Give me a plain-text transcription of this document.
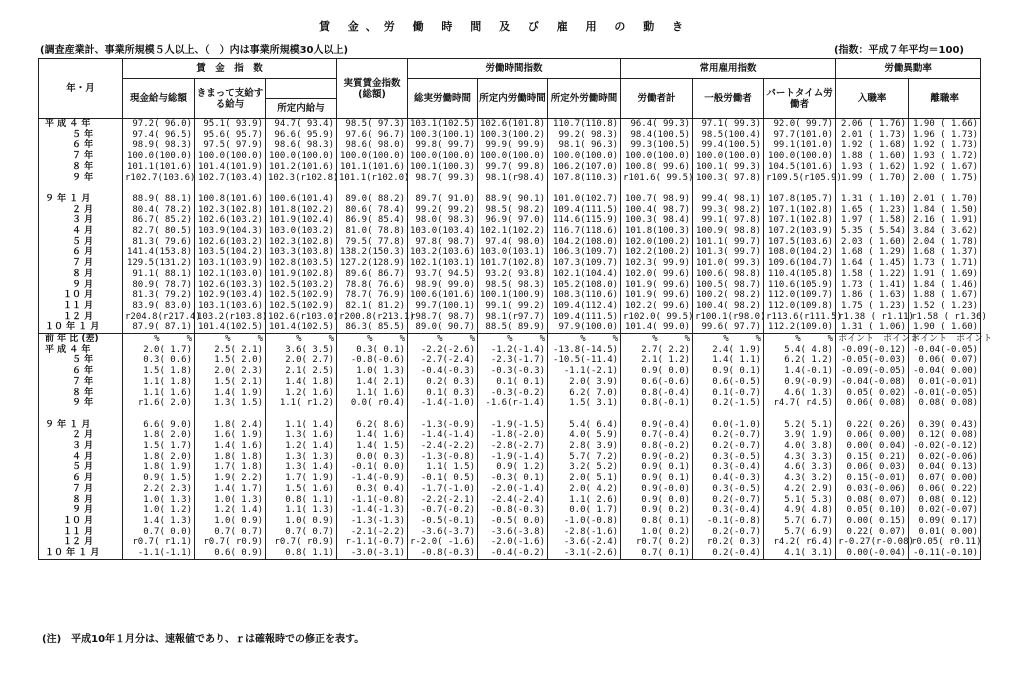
賃 金、労 働 時 間 及 び 雇 用 の 動 き
(調査産業計、事業所規模５人以上、（　）内は事業所規模30人以上)	(指数：平成７年平均＝100)
年・月	賃　金　指　数			実質賃金指数(総額)	労働時間指数			常用雇用指数			労働異動率	
	現金給与総額	きまって支給する給与			総実労働時間	所定内労働時間	所定外労働時間	労働者計	一般労働者	パートタイム労働者	入職率	離職率
			所定内給与									
平 成 ４ 年	97.2( 96.0)	95.1( 93.9)	94.7( 93.4)	98.5( 97.3)	103.1(102.5)	102.6(101.8)	110.7(110.8)	96.4( 99.3)	97.1( 99.3)	92.0( 99.7)	2.06 ( 1.76)	1.90 ( 1.66)
　　　５ 年	97.4( 96.5)	95.6( 95.7)	96.6( 95.9)	97.6( 96.7)	100.3(100.1)	100.3(100.2)	99.2( 98.3)	98.4(100.5)	98.5(100.4)	97.7(101.0)	2.01 ( 1.73)	1.96 ( 1.73)
　　　６ 年	98.9( 98.3)	97.5( 97.9)	98.6( 98.3)	98.6( 98.0)	99.8( 99.7)	99.9( 99.9)	98.1( 96.3)	99.3(100.5)	99.4(100.5)	99.1(101.0)	1.92 ( 1.68)	1.92 ( 1.73)
　　　７ 年	100.0(100.0)	100.0(100.0)	100.0(100.0)	100.0(100.0)	100.0(100.0)	100.0(100.0)	100.0(100.0)	100.0(100.0)	100.0(100.0)	100.0(100.0)	1.88 ( 1.60)	1.93 ( 1.72)
　　　８ 年	101.1(101.6)	101.4(101.9)	101.2(101.6)	101.1(101.6)	100.1(100.3)	99.7( 99.8)	106.2(107.0)	100.8( 99.6)	100.1( 99.3)	104.5(101.6)	1.93 ( 1.62)	1.92 ( 1.67)
　　　９ 年	r102.7(103.6)	102.7(103.4)	102.3(r102.8)	101.1(r102.0)	98.7( 99.3)	98.1(r98.4)	107.8(110.3)	r101.6( 99.5)	100.3( 97.8)	r109.5(r105.9)	1.99 ( 1.70)	2.00 ( 1.75)

９ 年 １ 月	88.9( 88.1)	100.8(101.6)	100.6(101.4)	89.0( 88.2)	89.7( 91.0)	88.9( 90.1)	101.0(102.7)	100.7( 98.9)	99.4( 98.1)	107.8(105.7)	1.31 ( 1.10)	2.01 ( 1.70)
　　　２ 月	80.4( 78.2)	102.3(102.8)	101.8(102.2)	80.6( 78.4)	99.2( 99.2)	98.5( 98.2)	109.4(111.5)	100.4( 98.7)	99.3( 98.2)	107.1(102.8)	1.65 ( 1.23)	1.84 ( 1.50)
　　　３ 月	86.7( 85.2)	102.6(103.2)	101.9(102.4)	86.9( 85.4)	98.0( 98.3)	96.9( 97.0)	114.6(115.9)	100.3( 98.4)	99.1( 97.8)	107.1(102.8)	1.97 ( 1.58)	2.16 ( 1.91)
　　　４ 月	82.7( 80.5)	103.9(104.3)	103.0(103.2)	81.0( 78.8)	103.0(103.4)	102.1(102.2)	116.7(118.6)	101.8(100.3)	100.9( 98.8)	107.2(103.9)	5.35 ( 5.54)	3.84 ( 3.62)
　　　５ 月	81.3( 79.6)	102.6(103.2)	102.3(102.8)	79.5( 77.8)	97.8( 98.7)	97.4( 98.0)	104.2(108.0)	102.0(100.2)	101.1( 99.7)	107.5(103.6)	2.03 ( 1.60)	2.04 ( 1.78)
　　　６ 月	141.4(153.8)	103.5(104.2)	103.3(103.8)	138.2(150.3)	103.2(103.6)	103.0(103.1)	106.3(109.7)	102.2(100.2)	101.3( 99.7)	108.0(104.2)	1.68 ( 1.29)	1.68 ( 1.37)
　　　７ 月	129.5(131.2)	103.1(103.9)	102.8(103.5)	127.2(128.9)	102.1(103.1)	101.7(102.8)	107.3(109.7)	102.3( 99.9)	101.0( 99.3)	109.6(104.7)	1.64 ( 1.45)	1.73 ( 1.71)
　　　８ 月	91.1( 88.1)	102.1(103.0)	101.9(102.8)	89.6( 86.7)	93.7( 94.5)	93.2( 93.8)	102.1(104.4)	102.0( 99.6)	100.6( 98.8)	110.4(105.8)	1.58 ( 1.22)	1.91 ( 1.69)
　　　９ 月	80.9( 78.7)	102.6(103.3)	102.5(103.2)	78.8( 76.6)	98.9( 99.0)	98.5( 98.3)	105.2(108.0)	101.9( 99.6)	100.5( 98.7)	110.6(105.9)	1.73 ( 1.41)	1.84 ( 1.46)
　　１０ 月	81.3( 79.2)	102.9(103.4)	102.5(102.9)	78.7( 76.9)	100.6(101.6)	100.1(100.9)	108.3(110.6)	101.9( 99.6)	100.2( 98.2)	112.0(109.7)	1.86 ( 1.63)	1.88 ( 1.67)
　　１１ 月	83.9( 83.0)	103.1(103.6)	102.5(102.9)	82.1( 81.2)	99.7(100.1)	99.1( 99.2)	109.4(112.4)	102.2( 99.6)	100.4( 98.2)	112.0(109.8)	1.75 ( 1.23)	1.52 ( 1.23)
　　１２ 月	r204.8(r217.4)	103.2(r103.8)	102.6(r103.0)	r200.8(r213.1)	r98.7( 98.7)	98.1(r97.7)	109.4(111.5)	r102.0( 99.5)	r100.1(r98.0)	r113.6(r111.5)	r1.38 ( r1.11)	r1.58 ( r1.36)
１０ 年 １ 月	87.9( 87.1)	101.4(102.5)	101.4(102.5)	86.3( 85.5)	89.0( 90.7)	88.5( 89.9)	97.9(100.0)	101.4( 99.0)	99.6( 97.7)	112.2(109.0)	1.31 ( 1.06)	1.90 ( 1.60)
前 年 比 (差)	%　　　%	%　　　%	%　　　%	%　　　%	%　　　%	%　　　%	%　　　%	%　　　%	%　　　%	%　　　%	ポイント　ポイント	ポイント　ポイント
平 成 ４ 年	2.0( 1.7)	2.5( 2.1)	3.6( 3.5)	0.3( 0.1)	-2.2(-2.6)	-1.2(-1.4)	-13.8(-14.5)	2.7( 2.2)	2.4( 1.9)	5.4( 4.8)	-0.09(-0.12)	-0.04(-0.05)
　　　５ 年	0.3( 0.6)	1.5( 2.0)	2.0( 2.7)	-0.8(-0.6)	-2.7(-2.4)	-2.3(-1.7)	-10.5(-11.4)	2.1( 1.2)	1.4( 1.1)	6.2( 1.2)	-0.05(-0.03)	0.06( 0.07)
　　　６ 年	1.5( 1.8)	2.0( 2.3)	2.1( 2.5)	1.0( 1.3)	-0.4(-0.3)	-0.3(-0.3)	-1.1(-2.1)	0.9( 0.0)	0.9( 0.1)	1.4(-0.1)	-0.09(-0.05)	-0.04( 0.00)
　　　７ 年	1.1( 1.8)	1.5( 2.1)	1.4( 1.8)	1.4( 2.1)	0.2( 0.3)	0.1( 0.1)	2.0( 3.9)	0.6(-0.6)	0.6(-0.5)	0.9(-0.9)	-0.04(-0.08)	0.01(-0.01)
　　　８ 年	1.1( 1.6)	1.4( 1.9)	1.2( 1.6)	1.1( 1.6)	0.1( 0.3)	-0.3(-0.2)	6.2( 7.0)	0.8(-0.4)	0.1(-0.7)	4.6( 1.3)	0.05( 0.02)	-0.01(-0.05)
　　　９ 年	r1.6( 2.0)	1.3( 1.5)	1.1( r1.2)	0.0( r0.4)	-1.4(-1.0)	-1.6(r-1.4)	1.5( 3.1)	0.8(-0.1)	0.2(-1.5)	r4.7( r4.5)	0.06( 0.08)	0.08( 0.08)

９ 年 １ 月	6.6( 9.0)	1.8( 2.4)	1.1( 1.4)	6.2( 8.6)	-1.3(-0.9)	-1.9(-1.5)	5.4( 6.4)	0.9(-0.4)	0.0(-1.0)	5.2( 5.1)	0.22( 0.26)	0.39( 0.43)
　　　２ 月	1.8( 2.0)	1.6( 1.9)	1.3( 1.6)	1.4( 1.6)	-1.4(-1.4)	-1.8(-2.0)	4.0( 5.9)	0.7(-0.4)	0.2(-0.7)	3.9( 1.9)	0.06( 0.00)	0.12( 0.08)
　　　３ 月	1.5( 1.7)	1.4( 1.6)	1.2( 1.4)	1.4( 1.5)	-2.4(-2.2)	-2.8(-2.7)	2.8( 3.9)	0.8(-0.2)	0.2(-0.7)	4.0( 3.8)	0.00( 0.04)	-0.02(-0.12)
　　　４ 月	1.8( 2.0)	1.8( 1.8)	1.3( 1.3)	0.0( 0.3)	-1.3(-0.8)	-1.9(-1.4)	5.7( 7.2)	0.9(-0.2)	0.3(-0.5)	4.3( 3.3)	0.15( 0.21)	0.02(-0.06)
　　　５ 月	1.8( 1.9)	1.7( 1.8)	1.3( 1.4)	-0.1( 0.0)	1.1( 1.5)	0.9( 1.2)	3.2( 5.2)	0.9( 0.1)	0.3(-0.4)	4.6( 3.3)	0.06( 0.03)	0.04( 0.13)
　　　６ 月	0.9( 1.5)	1.9( 2.2)	1.7( 1.9)	-1.4(-0.9)	-0.1( 0.5)	-0.3( 0.1)	2.0( 5.1)	0.9( 0.1)	0.4(-0.3)	4.3( 3.2)	0.15(-0.01)	0.07( 0.00)
　　　７ 月	2.2( 2.3)	1.4( 1.7)	1.5( 1.6)	0.3( 0.4)	-1.7(-1.0)	-2.0(-1.4)	2.0( 4.2)	0.9(-0.0)	0.3(-0.5)	4.2( 2.9)	0.03(-0.06)	0.06( 0.22)
　　　８ 月	1.0( 1.3)	1.0( 1.3)	0.8( 1.1)	-1.1(-0.8)	-2.2(-2.1)	-2.4(-2.4)	1.1( 2.6)	0.9( 0.0)	0.2(-0.7)	5.1( 5.3)	0.08( 0.07)	0.08( 0.12)
　　　９ 月	1.0( 1.2)	1.2( 1.4)	1.1( 1.3)	-1.4(-1.3)	-0.7(-0.2)	-0.8(-0.3)	0.0( 1.7)	0.9( 0.2)	0.3(-0.4)	4.9( 4.8)	0.05( 0.10)	0.02(-0.07)
　　１０ 月	1.4( 1.3)	1.0( 0.9)	1.0( 0.9)	-1.3(-1.3)	-0.5(-0.1)	-0.5( 0.0)	-1.0(-0.8)	0.8( 0.1)	-0.1(-0.8)	5.7( 6.7)	0.00( 0.15)	0.09( 0.17)
　　１１ 月	0.7( 0.0)	0.7( 0.7)	0.7( 0.7)	-2.1(-2.2)	-3.6(-3.7)	-3.6(-3.8)	-2.8(-1.6)	1.0( 0.2)	0.2(-0.7)	5.7( 6.9)	0.22( 0.07)	0.01( 0.00)
　　１２ 月	r0.7( r1.1)	r0.7( r0.9)	r0.7( r0.9)	r-1.1(-0.7)	r-2.0( -1.6)	-2.0(-1.6)	-3.6(-2.4)	r0.7( 0.2)	r0.2( 0.3)	r4.2( r6.4)	r-0.27(r-0.08)	r0.05( r0.11)
１０ 年 １ 月	-1.1(-1.1)	0.6( 0.9)	0.8( 1.1)	-3.0(-3.1)	-0.8(-0.3)	-0.4(-0.2)	-3.1(-2.6)	0.7( 0.1)	0.2(-0.4)	4.1( 3.1)	0.00(-0.04)	-0.11(-0.10)
(注)　平成10年１月分は、速報値であり、ｒは確報時での修正を表す。
